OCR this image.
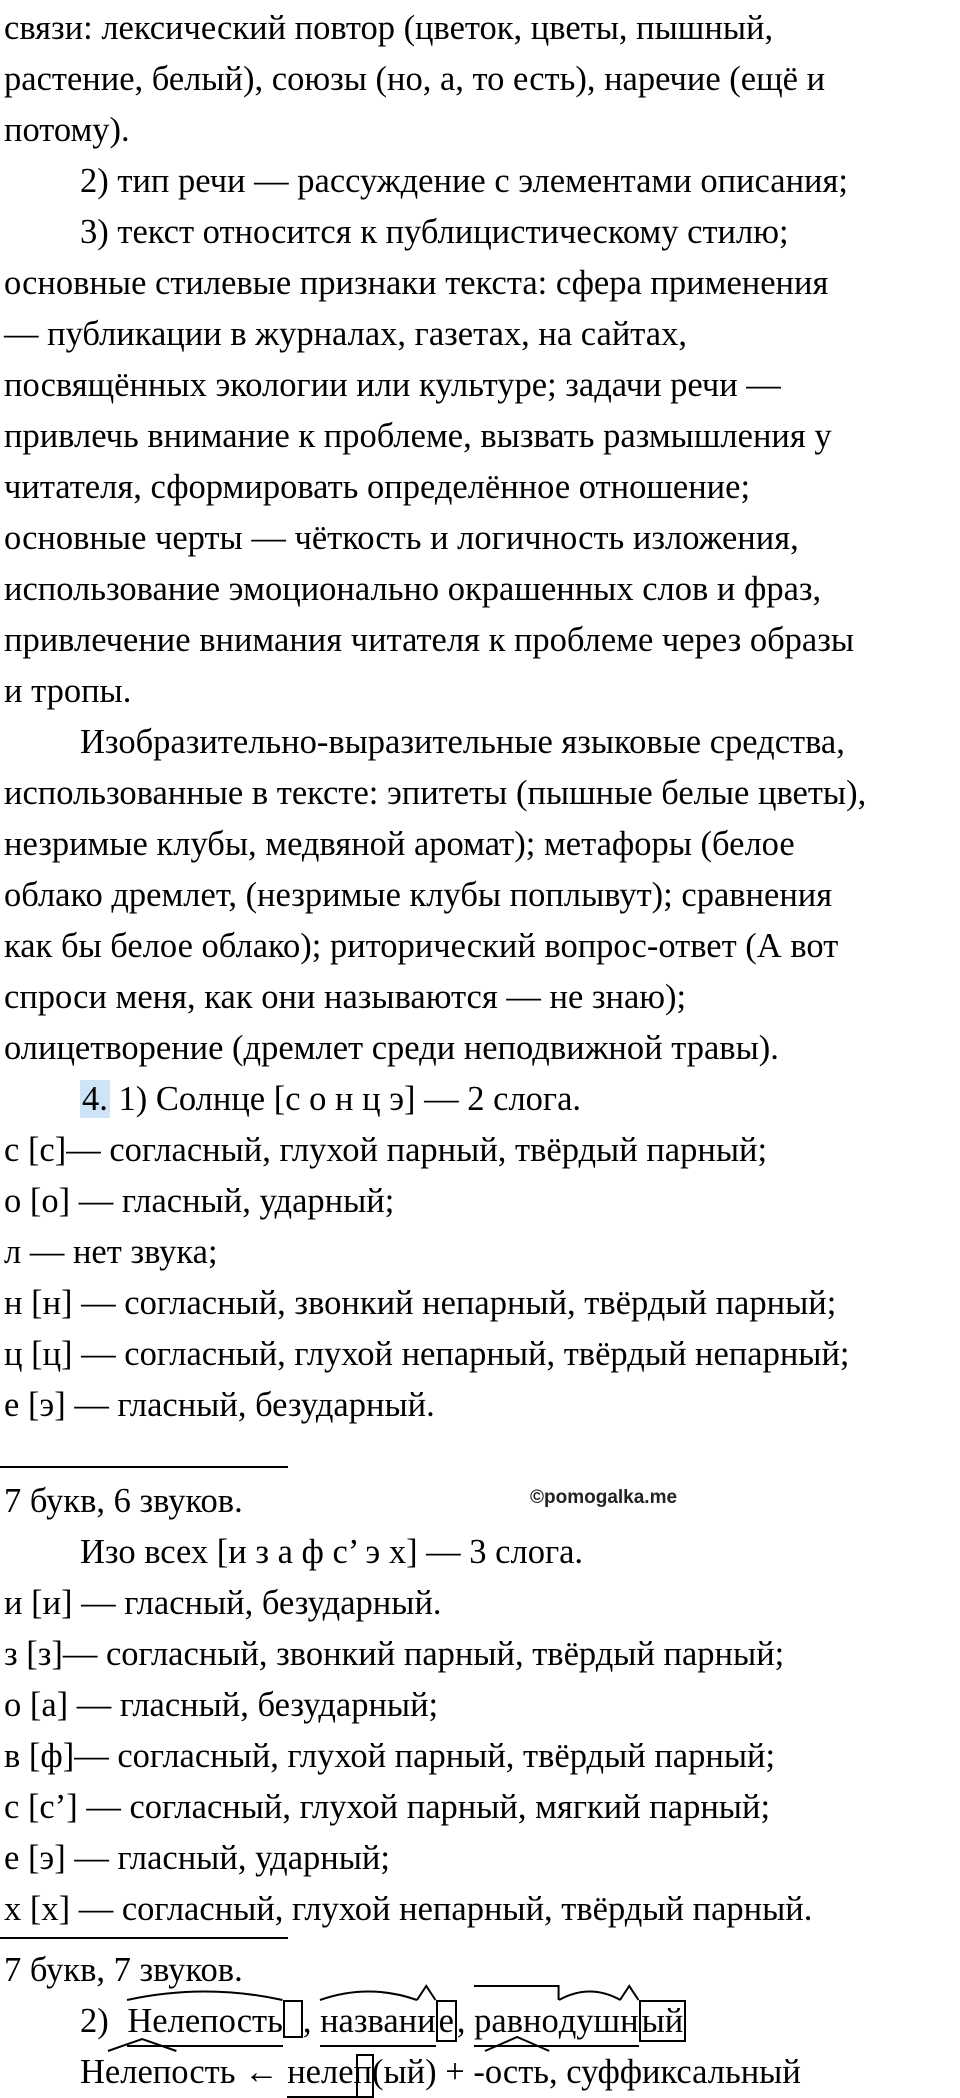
связи: лексический повтор (цветок, цветы, пышный,
растение, белый), союзы (но, а, то есть), наречие (ещё и
потому).
2) тип речи — рассуждение с элементами описания;
3) текст относится к публицистическому стилю;
основные стилевые признаки текста: сфера применения
— публикации в журналах, газетах, на сайтах,
посвящённых экологии или культуре; задачи речи —
привлечь внимание к проблеме, вызвать размышления у
читателя, сформировать определённое отношение;
основные черты — чёткость и логичность изложения,
использование эмоционально окрашенных слов и фраз,
привлечение внимания читателя к проблеме через образы
и тропы.
Изобразительно-выразительные языковые средства,
использованные в тексте: эпитеты (пышные белые цветы),
незримые клубы, медвяной аромат); метафоры (белое
облако дремлет, (незримые клубы поплывут); сравнения
как бы белое облако); риторический вопрос-ответ (А вот
спроси меня, как они называются — не знаю);
олицетворение (дремлет среди неподвижной травы).
4. 1) Солнце [с о н ц э] — 2 слога.
с [с]— согласный, глухой парный, твёрдый парный;
о [о] — гласный, ударный;
л — нет звука;
н [н] — согласный, звонкий непарный, твёрдый парный;
ц [ц] — согласный, глухой непарный, твёрдый непарный;
е [э] — гласный, безударный.
7 букв, 6 звуков.	©pomogalka.me
Изо всех [и з а ф с’ э х] — 3 слога.
и [и] — гласный, безударный.
з [з]— согласный, звонкий парный, твёрдый парный;
о [а] — гласный, безударный;
в [ф]— согласный, глухой парный, твёрдый парный;
с [с’] — согласный, глухой парный, мягкий парный;
е [э] — гласный, ударный;
х [х] — согласный, глухой непарный, твёрдый парный.
7 букв, 7 звуков.
2) Нелепость , назван
и
е, равно
душ
н
ый
Нелепость
← нелеп(ый) + -ость
, суффиксальный
